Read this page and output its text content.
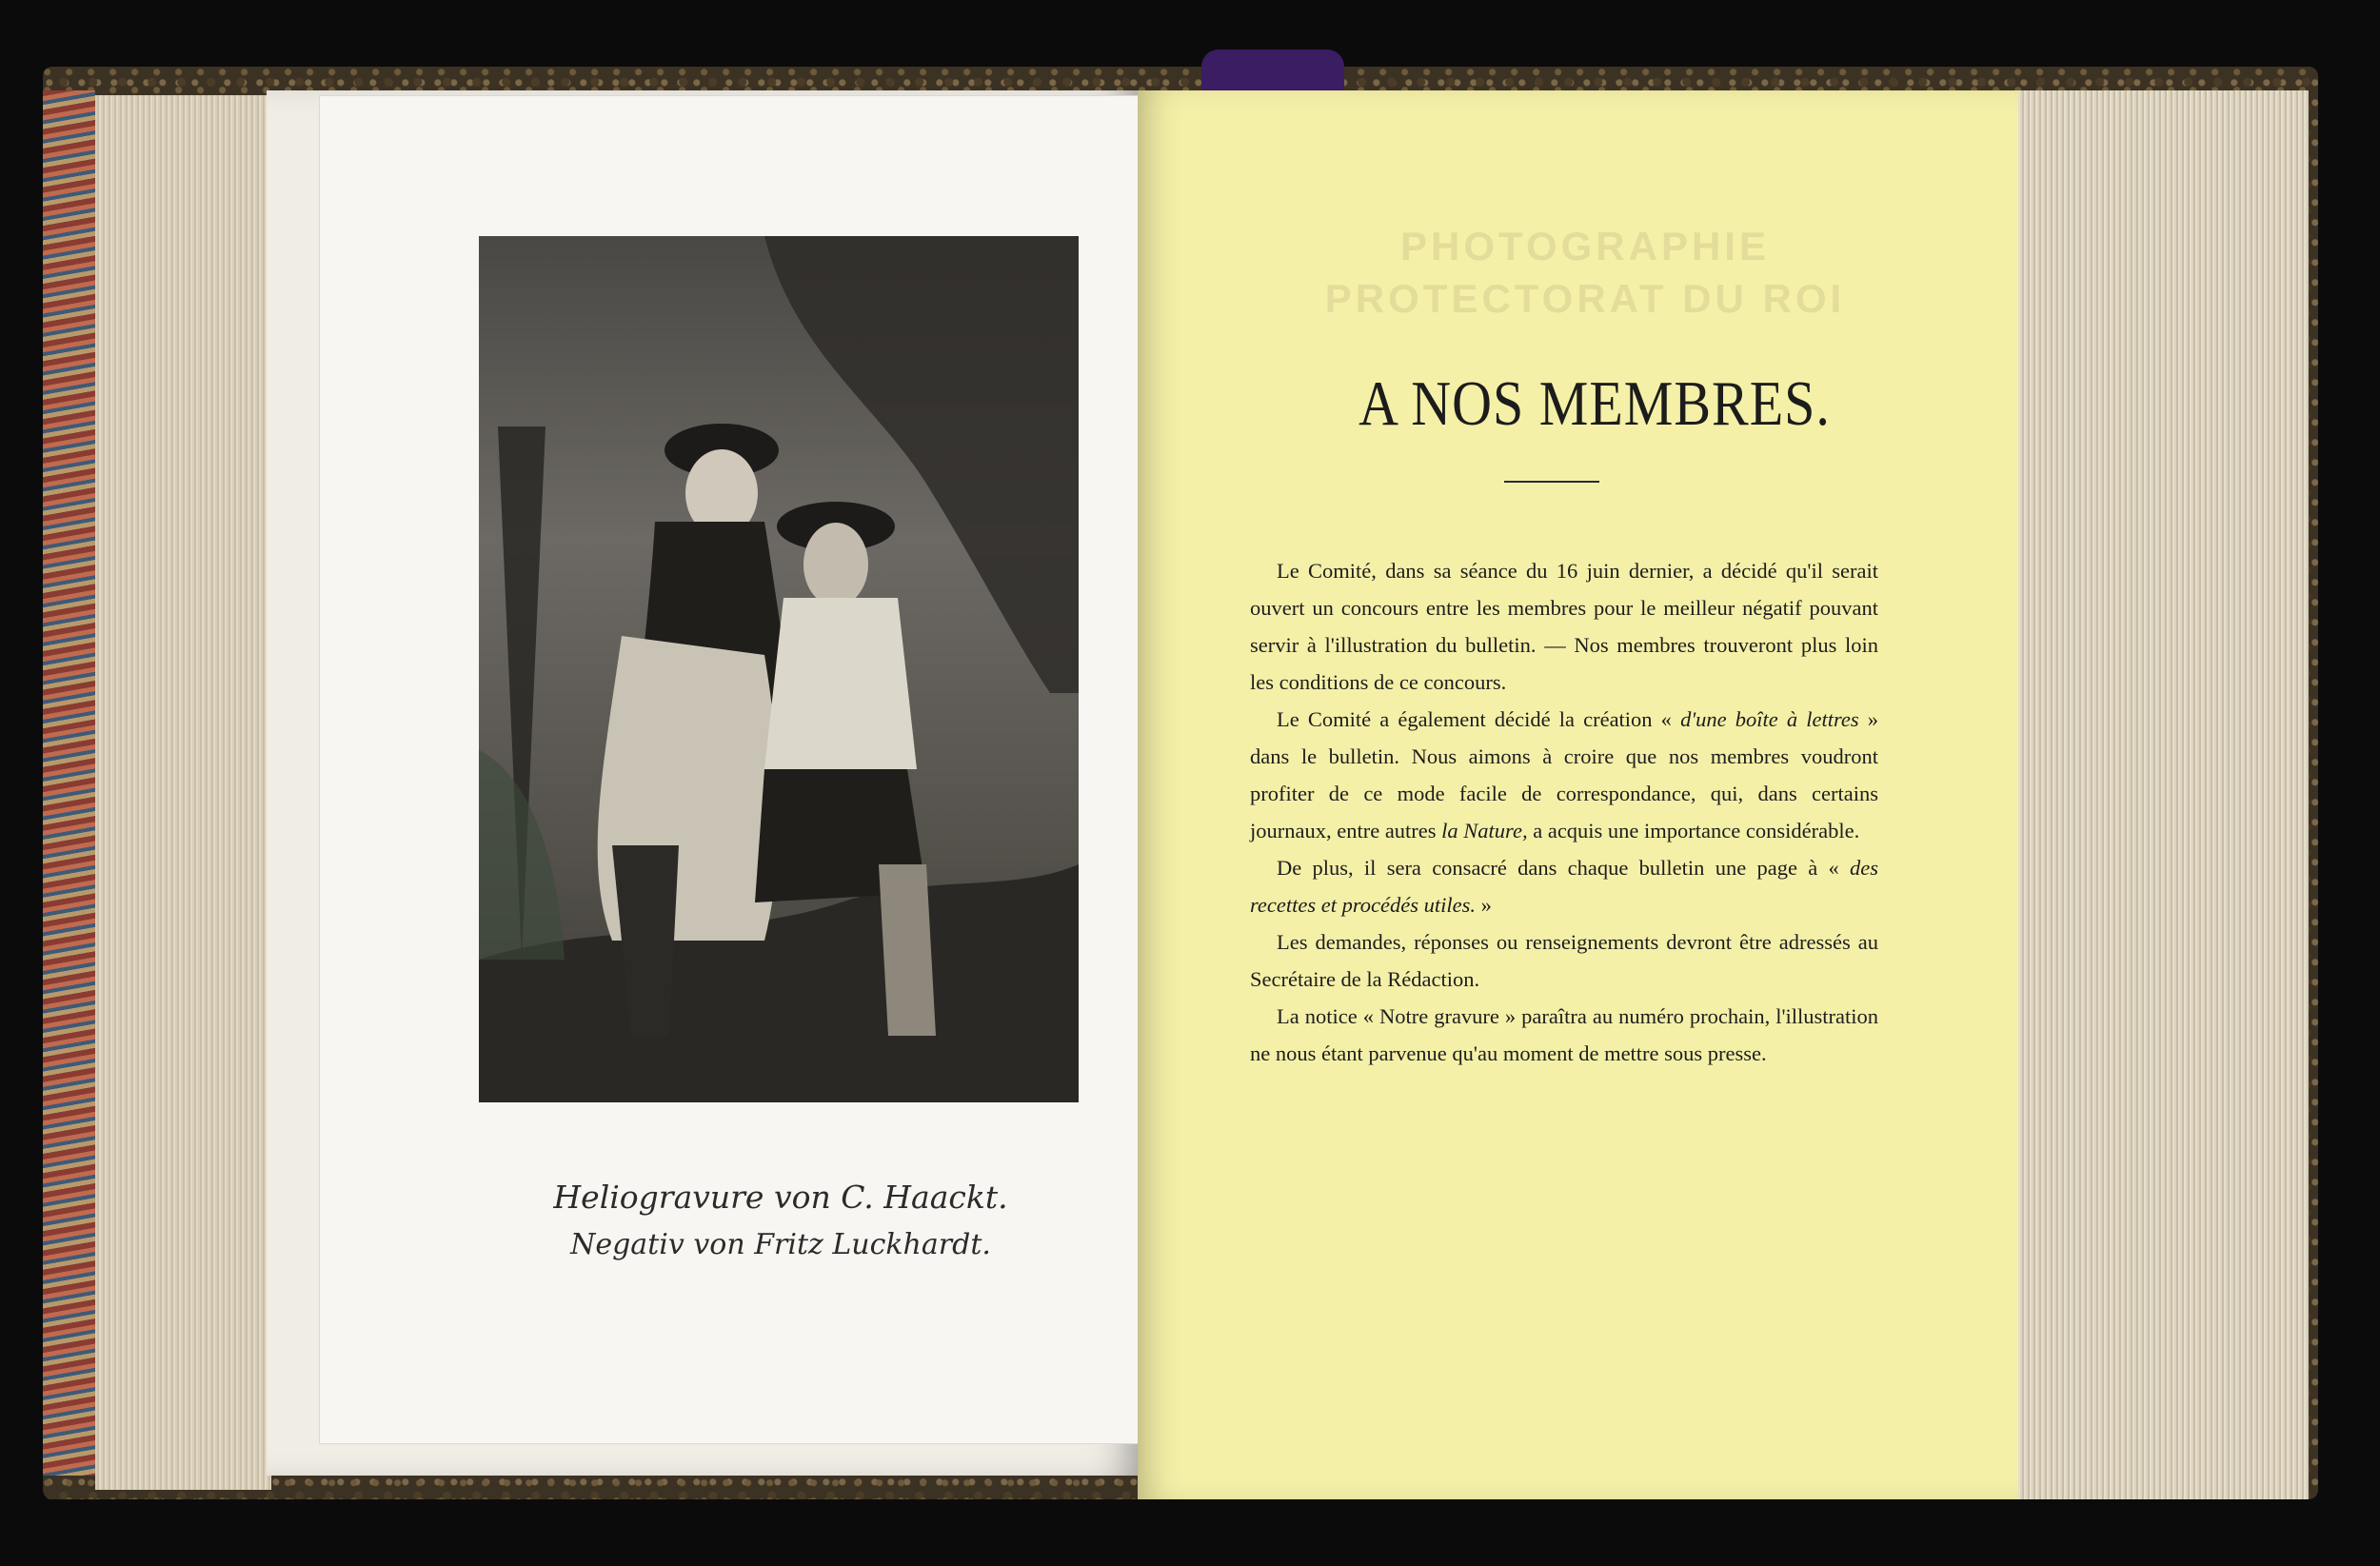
Heliogravure von C. Haackt.
Negativ von Fritz Luckhardt.
PHOTOGRAPHIE
PROTECTORAT DU ROI
A NOS MEMBRES.

Le Comité, dans sa séance du 16 juin dernier, a décidé qu'il serait ouvert un concours entre les membres pour le meilleur négatif pouvant servir à l'illustration du bulletin. — Nos membres trouveront plus loin les conditions de ce concours.

Le Comité a également décidé la création « d'une boîte à lettres » dans le bulletin. Nous aimons à croire que nos membres voudront profiter de ce mode facile de correspondance, qui, dans certains journaux, entre autres la Nature, a acquis une importance considérable.

De plus, il sera consacré dans chaque bulletin une page à « des recettes et procédés utiles. »

Les demandes, réponses ou renseignements devront être adressés au Secrétaire de la Rédaction.

La notice « Notre gravure » paraîtra au numéro prochain, l'illustration ne nous étant parvenue qu'au moment de mettre sous presse.
